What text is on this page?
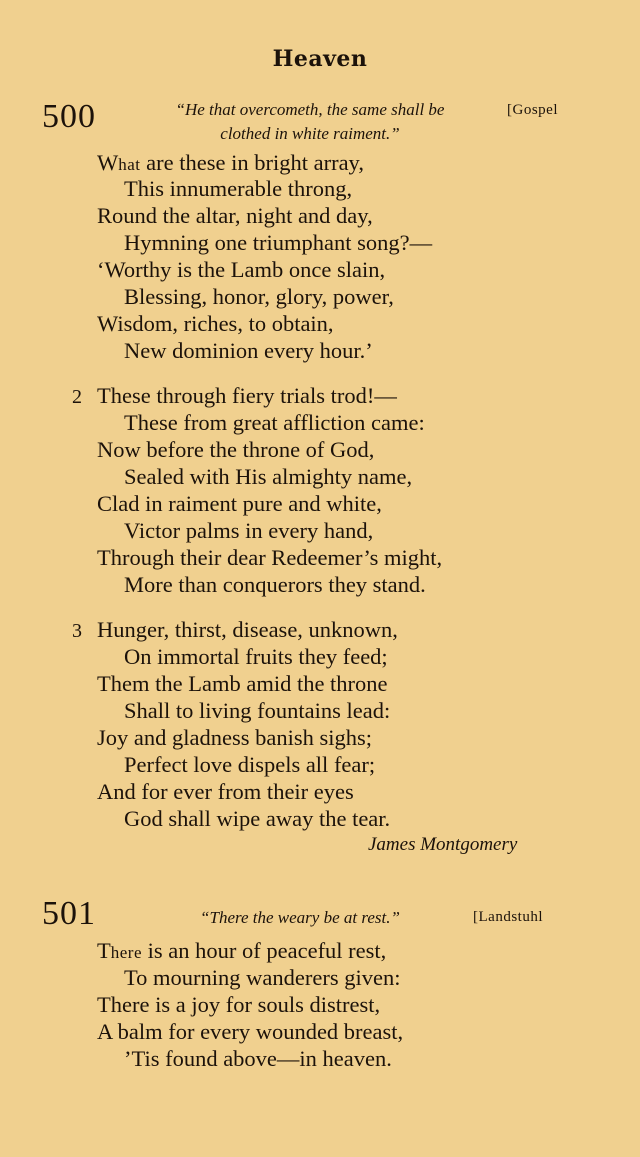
Heaven
500	“He that overcometh, the same shall be
clothed in white raiment.”
[Gospel
What are these in bright array,
This innumerable throng,
Round the altar, night and day,
Hymning one triumphant song?—
‘Worthy is the Lamb once slain,
Blessing, honor, glory, power,
Wisdom, riches, to obtain,
New dominion every hour.’
2 These through fiery trials trod!—
These from great affliction came:
Now before the throne of God,
Sealed with His almighty name,
Clad in raiment pure and white,
Victor palms in every hand,
Through their dear Redeemer’s might,
More than conquerors they stand.
3 Hunger, thirst, disease, unknown,
On immortal fruits they feed;
Them the Lamb amid the throne
Shall to living fountains lead:
Joy and gladness banish sighs;
Perfect love dispels all fear;
And for ever from their eyes
God shall wipe away the tear.
James Montgomery
501	“There the weary be at rest.”	[Landstuhl
There is an hour of peaceful rest,
To mourning wanderers given:
There is a joy for souls distrest,
A balm for every wounded breast,
’Tis found above—in heaven.
